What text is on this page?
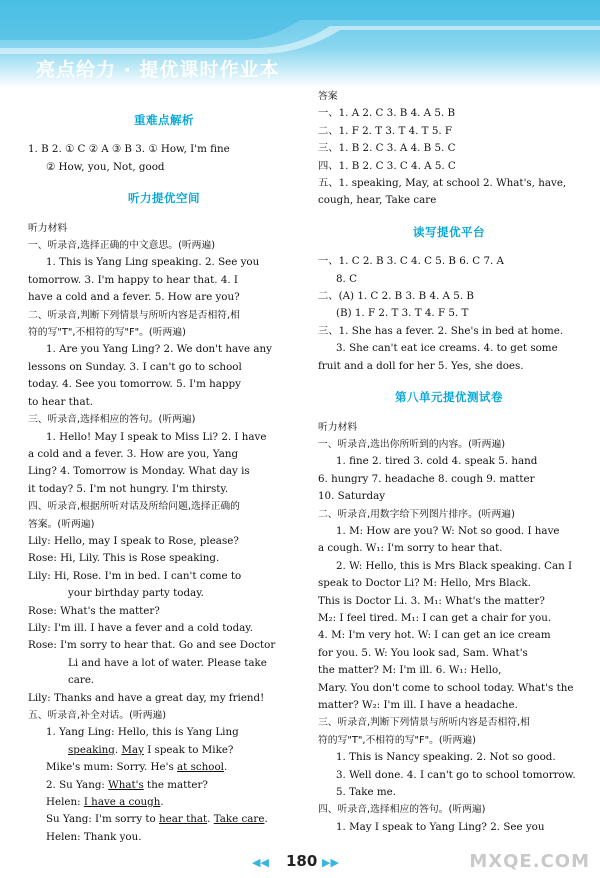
亮点给力 · 提优课时作业本
重难点解析
1. B 2. ① C ② A ③ B 3. ① How, I'm fine
② How, you, Not, good
听力提优空间
听力材料
一、听录音,选择正确的中文意思。(听两遍)
1. This is Yang Ling speaking. 2. See you
tomorrow. 3. I'm happy to hear that. 4. I
have a cold and a fever. 5. How are you?
二、听录音,判断下列情景与所听内容是否相符,相
符的写"T",不相符的写"F"。(听两遍)
1. Are you Yang Ling? 2. We don't have any
lessons on Sunday. 3. I can't go to school
today. 4. See you tomorrow. 5. I'm happy
to hear that.
三、听录音,选择相应的答句。(听两遍)
1. Hello! May I speak to Miss Li? 2. I have
a cold and a fever. 3. How are you, Yang
Ling? 4. Tomorrow is Monday. What day is
it today? 5. I'm not hungry. I'm thirsty.
四、听录音,根据所听对话及所给问题,选择正确的
答案。(听两遍)
Lily: Hello, may I speak to Rose, please?
Rose: Hi, Lily. This is Rose speaking.
Lily: Hi, Rose. I'm in bed. I can't come to
your birthday party today.
Rose: What's the matter?
Lily: I'm ill. I have a fever and a cold today.
Rose: I'm sorry to hear that. Go and see Doctor
Li and have a lot of water. Please take
care.
Lily: Thanks and have a great day, my friend!
五、听录音,补全对话。(听两遍)
1. Yang Ling: Hello, this is Yang Ling
speaking. May I speak to Mike?
Mike's mum: Sorry. He's at school.
2. Su Yang: What's the matter?
Helen: I have a cough.
Su Yang: I'm sorry to hear that. Take care.
Helen: Thank you.
答案
一、1. A 2. C 3. B 4. A 5. B
二、1. F 2. T 3. T 4. T 5. F
三、1. B 2. C 3. A 4. B 5. C
四、1. B 2. C 3. C 4. A 5. C
五、1. speaking, May, at school 2. What's, have,
cough, hear, Take care
读写提优平台
一、1. C 2. B 3. C 4. C 5. B 6. C 7. A
8. C
二、(A) 1. C 2. B 3. B 4. A 5. B
(B) 1. F 2. T 3. T 4. F 5. T
三、1. She has a fever. 2. She's in bed at home.
3. She can't eat ice creams. 4. to get some
fruit and a doll for her 5. Yes, she does.
第八单元提优测试卷
听力材料
一、听录音,选出你所听到的内容。(听两遍)
1. fine 2. tired 3. cold 4. speak 5. hand
6. hungry 7. headache 8. cough 9. matter
10. Saturday
二、听录音,用数字给下列图片排序。(听两遍)
1. M: How are you? W: Not so good. I have
a cough. W₁: I'm sorry to hear that.
2. W: Hello, this is Mrs Black speaking. Can I
speak to Doctor Li? M: Hello, Mrs Black.
This is Doctor Li. 3. M₁: What's the matter?
M₂: I feel tired. M₁: I can get a chair for you.
4. M: I'm very hot. W: I can get an ice cream
for you. 5. W: You look sad, Sam. What's
the matter? M: I'm ill. 6. W₁: Hello,
Mary. You don't come to school today. What's the
matter? W₂: I'm ill. I have a headache.
三、听录音,判断下列情景与所听内容是否相符,相
符的写"T",不相符的写"F"。(听两遍)
1. This is Nancy speaking. 2. Not so good.
3. Well done. 4. I can't go to school tomorrow.
5. Take me.
四、听录音,选择相应的答句。(听两遍)
1. May I speak to Yang Ling? 2. See you
◀◀ 180 ▶▶	MXQE.COM
